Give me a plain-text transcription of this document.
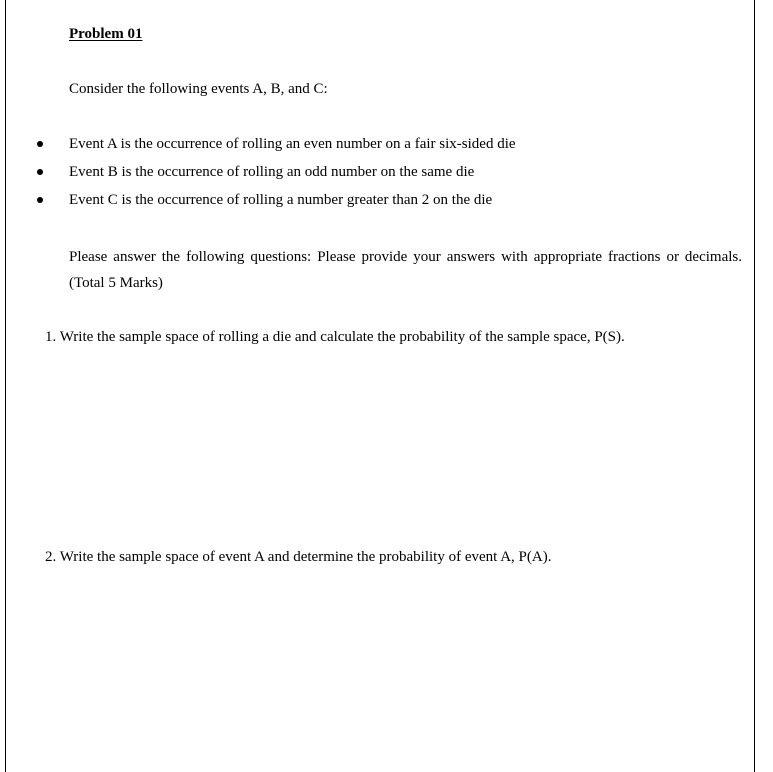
Problem 01
Consider the following events A, B, and C:
Event A is the occurrence of rolling an even number on a fair six-sided die
Event B is the occurrence of rolling an odd number on the same die
Event C is the occurrence of rolling a number greater than 2 on the die
Please answer the following questions: Please provide your answers with appropriate fractions or decimals.(Total 5 Marks)
1. Write the sample space of rolling a die and calculate the probability of the sample space, P(S).
2. Write the sample space of event A and determine the probability of event A, P(A).
